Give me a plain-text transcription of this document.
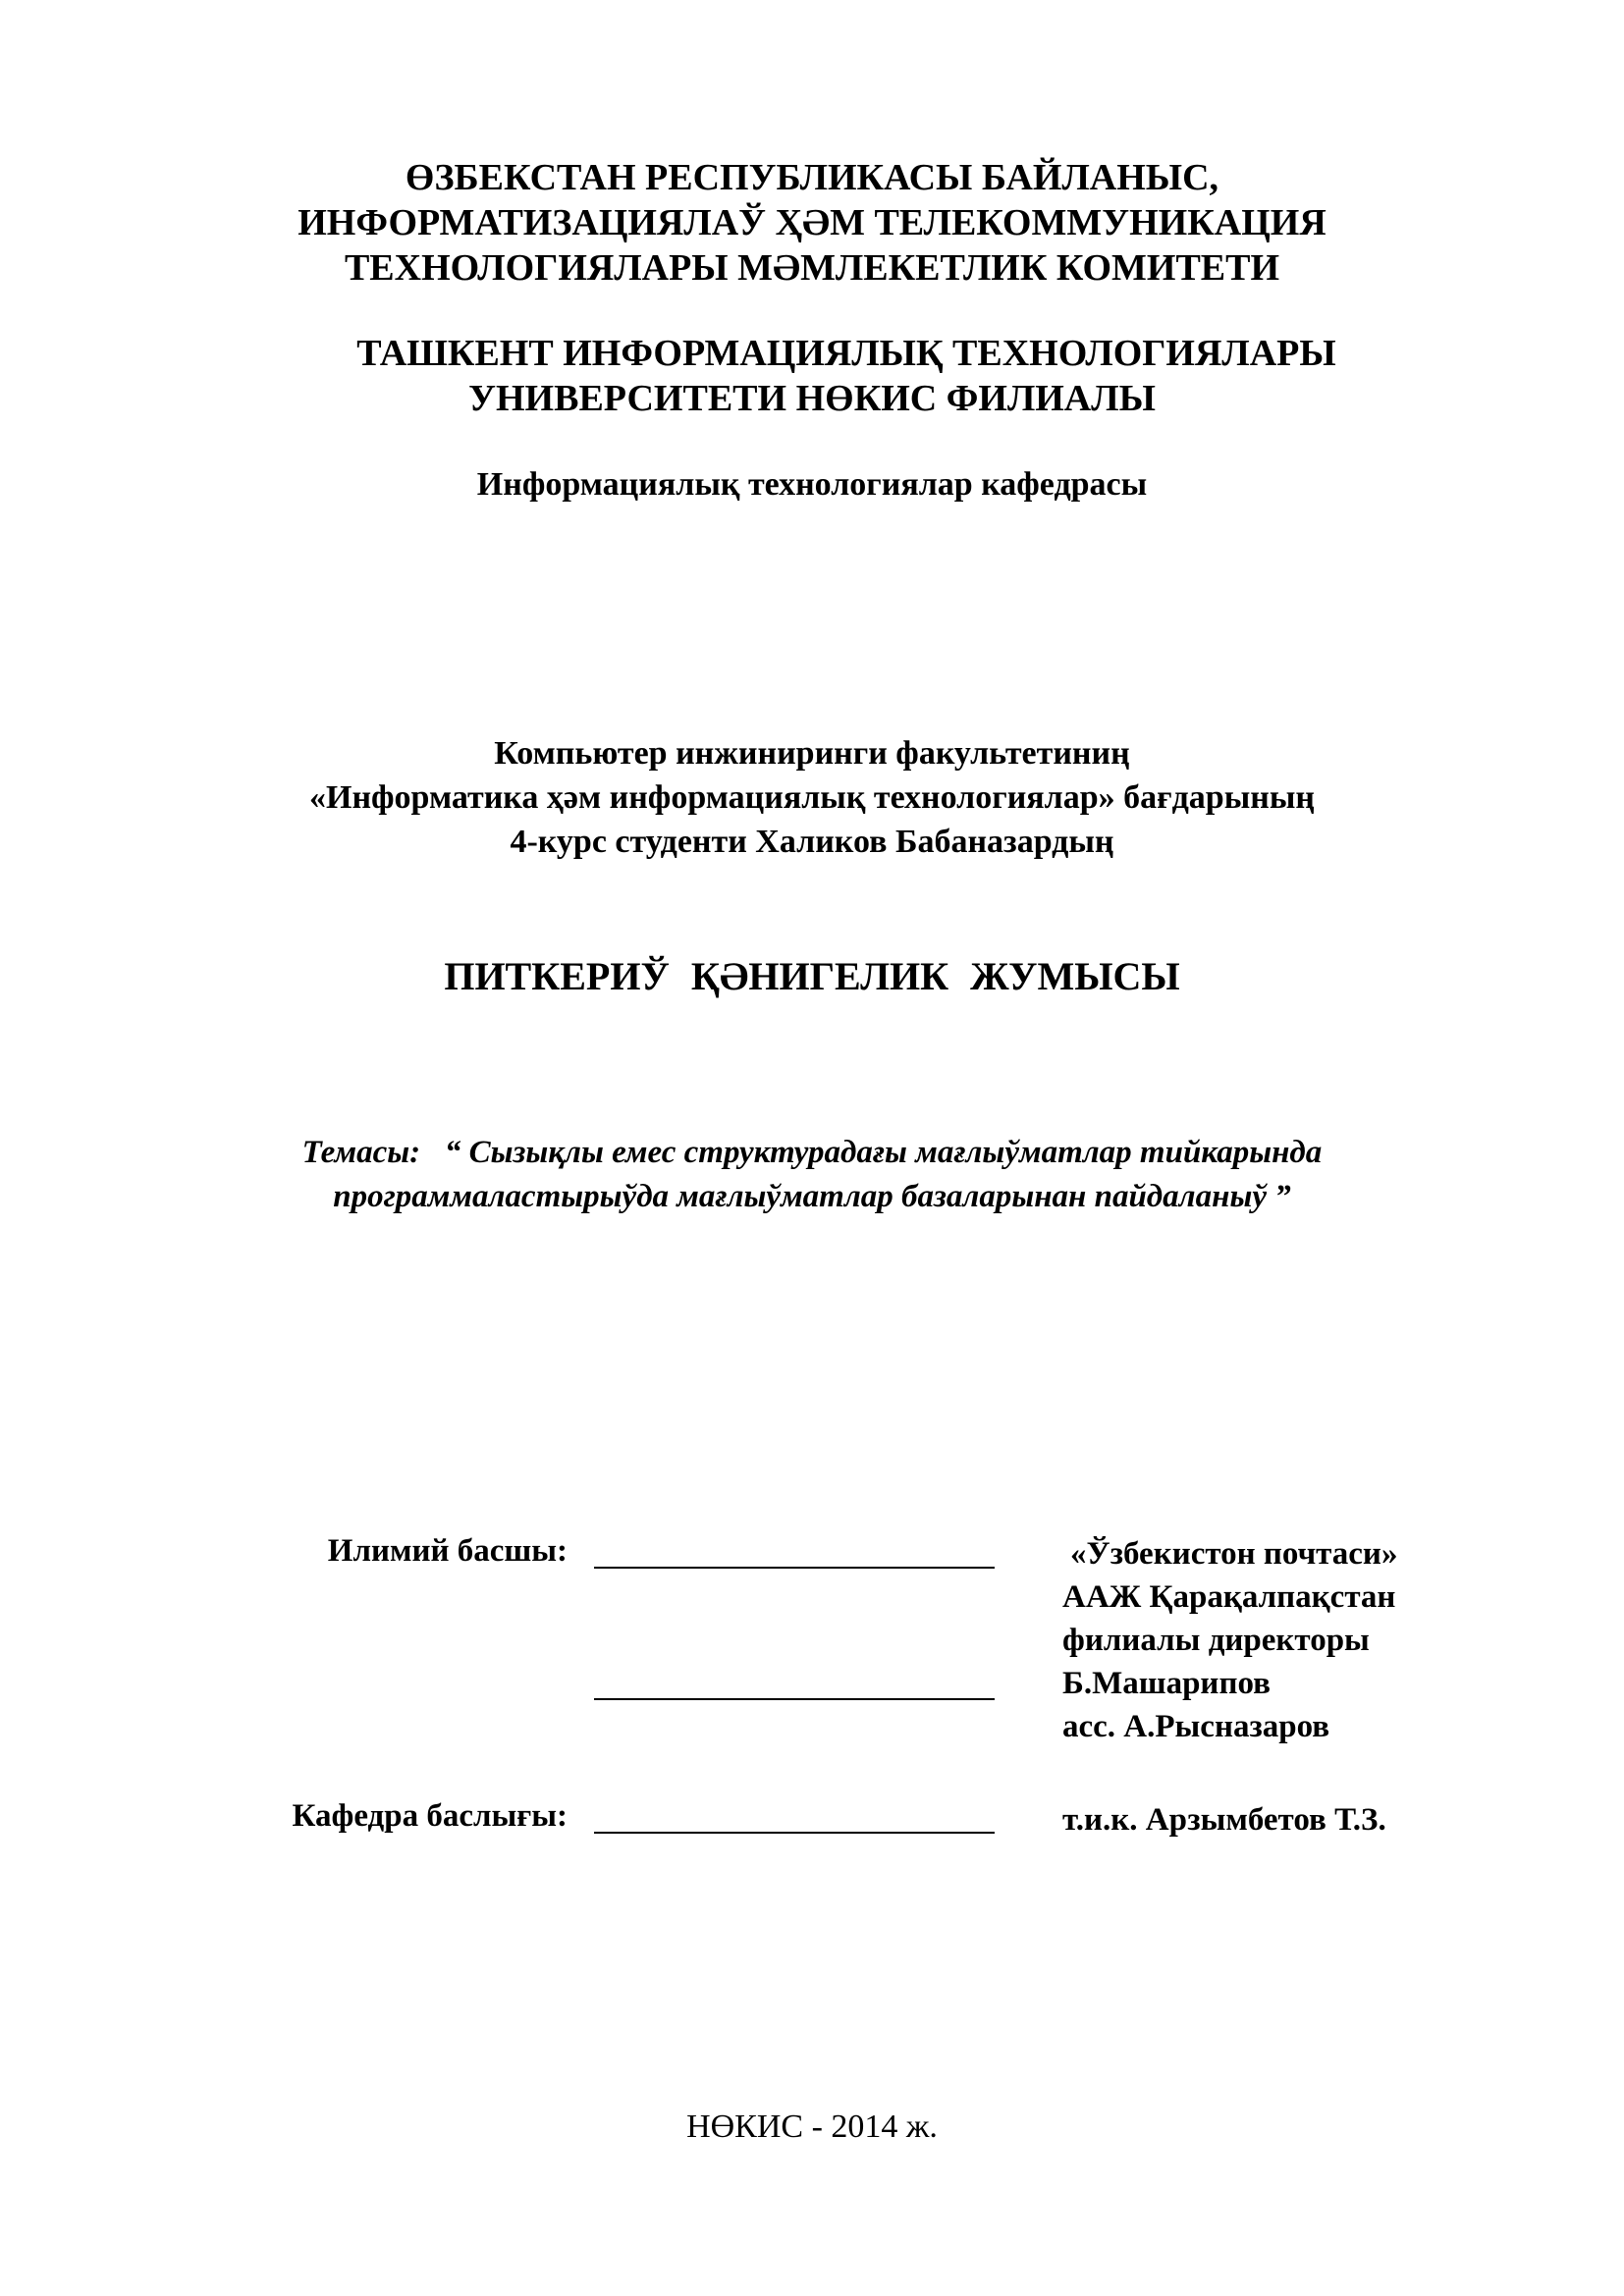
ӨЗБЕКСТАН РЕСПУБЛИКАСЫ БАЙЛАНЫС,
ИНФОРМАТИЗАЦИЯЛАЎ ҲӘМ ТЕЛЕКОММУНИКАЦИЯ
ТЕХНОЛОГИЯЛАРЫ МӘМЛЕКЕТЛИК КОМИТЕТИ
ТАШКЕНТ ИНФОРМАЦИЯЛЫҚ ТЕХНОЛОГИЯЛАРЫ
УНИВЕРСИТЕТИ НӨКИС ФИЛИАЛЫ
Информациялық технологиялар кафедрасы
Компьютер инжиниринги факультетиниң
«Информатика ҳәм информациялық технологиялар» бағдарының
4-курс студенти Халиков Бабаназардың
ПИТКЕРИЎ ҚӘНИГЕЛИК ЖУМЫСЫ
Темасы:   “ Сызықлы емес структурадағы мағлыўматлар тийкарында
программаластырыўда мағлыўматлар базаларынан пайдаланыў ”
Илимий басшы:	«Ўзбекистон почтаси»
ААЖ Қарақалпақстан
филиалы директоры
Б.Машарипов
асс. А.Рысназаров
Кафедра баслығы:	т.и.к. Арзымбетов Т.З.
НӨКИС - 2014 ж.
